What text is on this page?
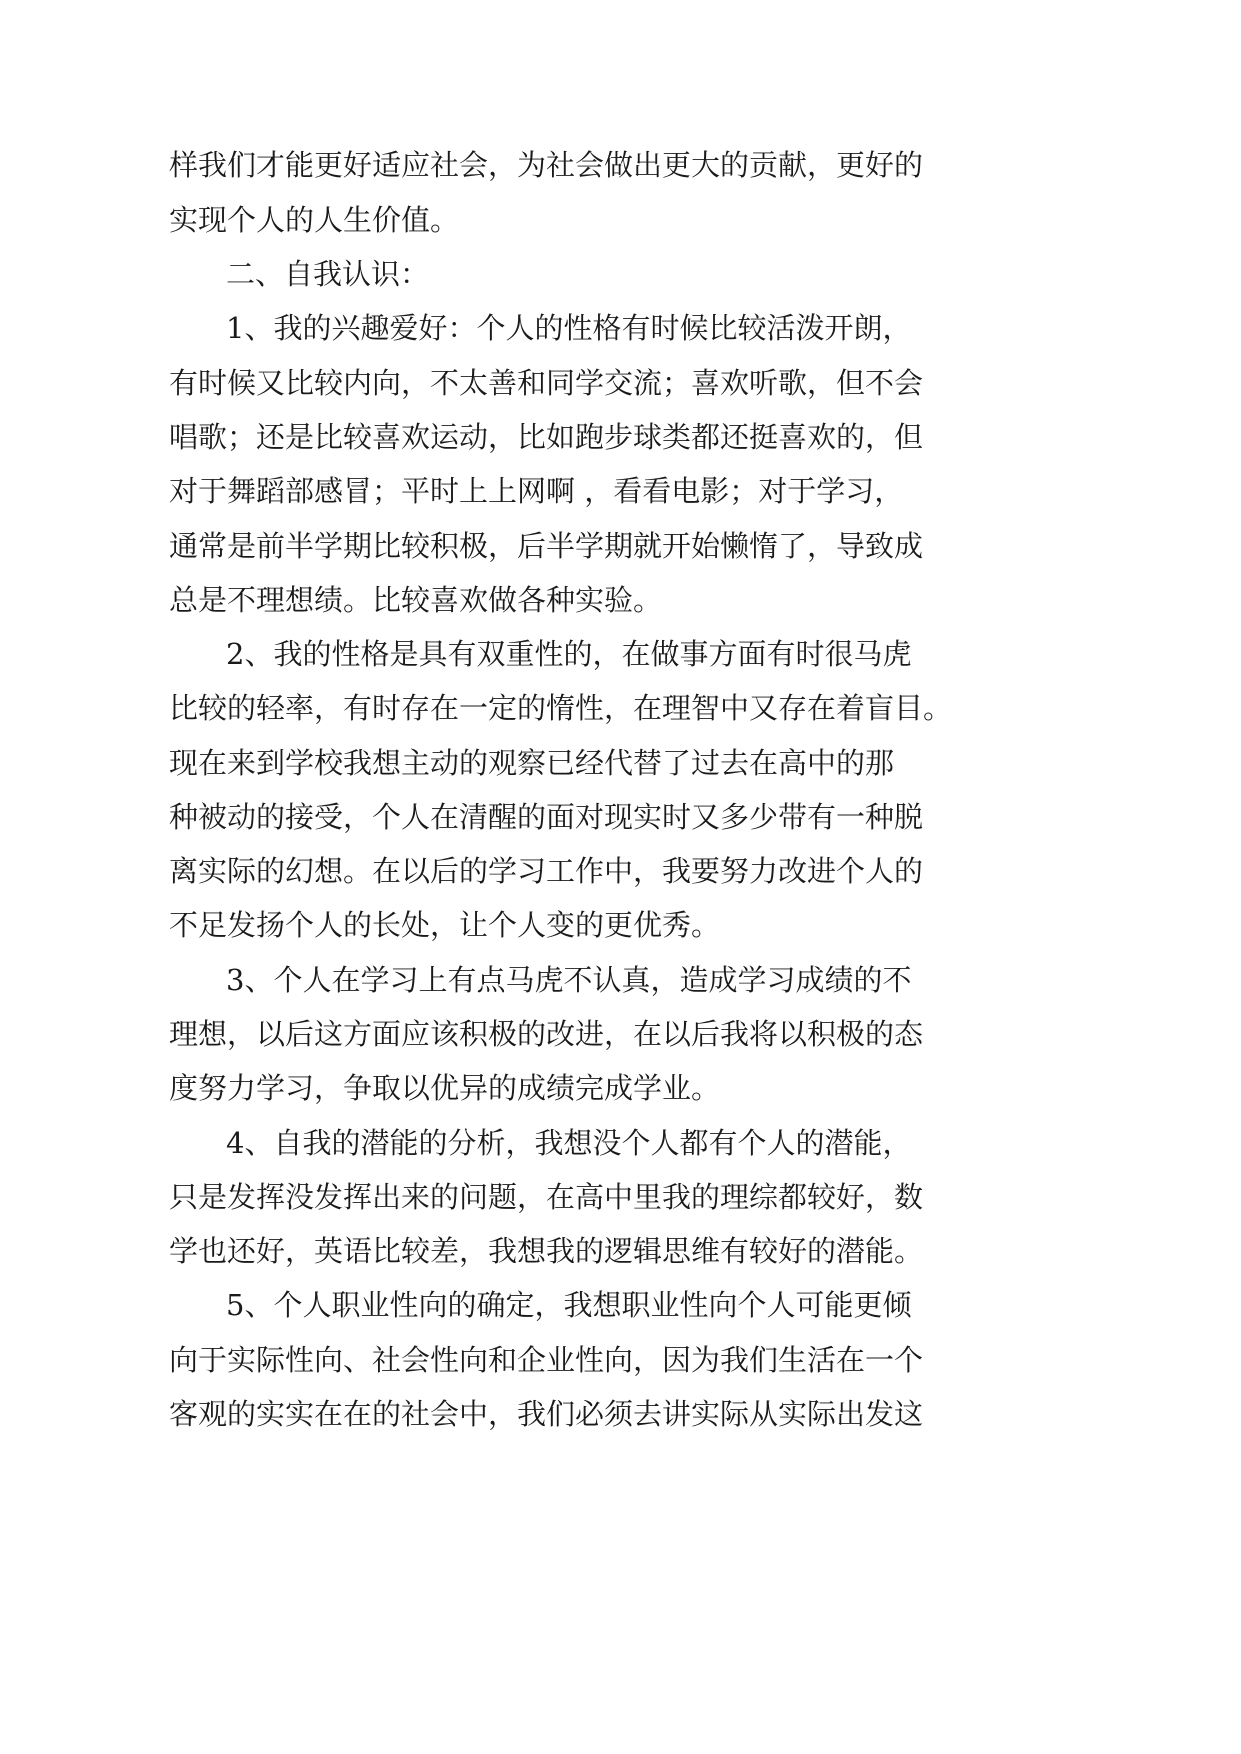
样我们才能更好适应社会，为社会做出更大的贡献，更好的

实现个人的人生价值。

二、自我认识：

1、我的兴趣爱好：个人的性格有时候比较活泼开朗，

有时候又比较内向，不太善和同学交流；喜欢听歌，但不会

唱歌；还是比较喜欢运动，比如跑步球类都还挺喜欢的，但

对于舞蹈部感冒；平时上上网啊 ，看看电影；对于学习，

通常是前半学期比较积极，后半学期就开始懒惰了，导致成

总是不理想绩。比较喜欢做各种实验。

2、我的性格是具有双重性的，在做事方面有时很马虎

比较的轻率，有时存在一定的惰性，在理智中又存在着盲目。

现在来到学校我想主动的观察已经代替了过去在高中的那

种被动的接受，个人在清醒的面对现实时又多少带有一种脱

离实际的幻想。在以后的学习工作中，我要努力改进个人的

不足发扬个人的长处，让个人变的更优秀。

3、个人在学习上有点马虎不认真，造成学习成绩的不

理想，以后这方面应该积极的改进，在以后我将以积极的态

度努力学习，争取以优异的成绩完成学业。

4、自我的潜能的分析，我想没个人都有个人的潜能，

只是发挥没发挥出来的问题，在高中里我的理综都较好，数

学也还好，英语比较差，我想我的逻辑思维有较好的潜能。

5、个人职业性向的确定，我想职业性向个人可能更倾

向于实际性向、社会性向和企业性向，因为我们生活在一个

客观的实实在在的社会中，我们必须去讲实际从实际出发这
